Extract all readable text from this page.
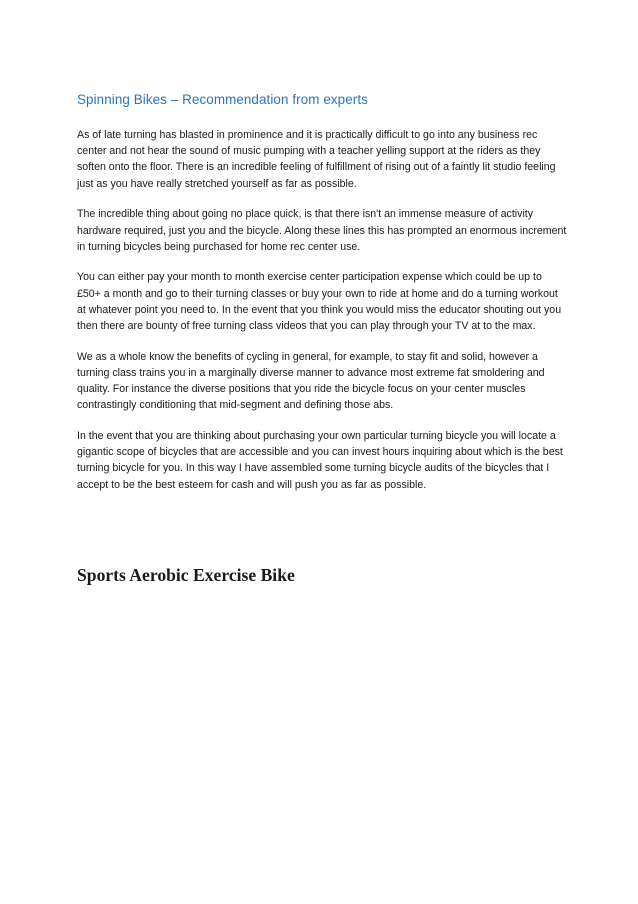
Spinning Bikes – Recommendation from experts

As of late turning has blasted in prominence and it is practically difficult to go into any business rec center and not hear the sound of music pumping with a teacher yelling support at the riders as they soften onto the floor. There is an incredible feeling of fulfillment of rising out of a faintly lit studio feeling just as you have really stretched yourself as far as possible.

The incredible thing about going no place quick, is that there isn't an immense measure of activity hardware required, just you and the bicycle. Along these lines this has prompted an enormous increment in turning bicycles being purchased for home rec center use.

You can either pay your month to month exercise center participation expense which could be up to £50+ a month and go to their turning classes or buy your own to ride at home and do a turning workout at whatever point you need to. In the event that you think you would miss the educator shouting out you then there are bounty of free turning class videos that you can play through your TV at to the max.

We as a whole know the benefits of cycling in general, for example, to stay fit and solid, however a turning class trains you in a marginally diverse manner to advance most extreme fat smoldering and quality. For instance the diverse positions that you ride the bicycle focus on your center muscles contrastingly conditioning that mid-segment and defining those abs.

In the event that you are thinking about purchasing your own particular turning bicycle you will locate a gigantic scope of bicycles that are accessible and you can invest hours inquiring about which is the best turning bicycle for you. In this way I have assembled some turning bicycle audits of the bicycles that I accept to be the best esteem for cash and will push you as far as possible.

Sports Aerobic Exercise Bike
